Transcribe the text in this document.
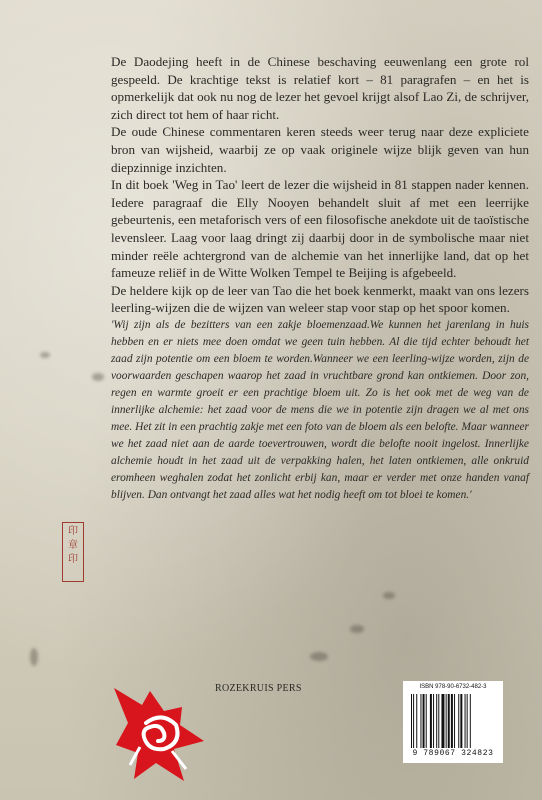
De Daodejing heeft in de Chinese beschaving eeuwenlang een grote rol gespeeld. De krachtige tekst is relatief kort – 81 paragrafen – en het is opmerkelijk dat ook nu nog de lezer het gevoel krijgt alsof Lao Zi, de schrijver, zich direct tot hem of haar richt.

De oude Chinese commentaren keren steeds weer terug naar deze expliciete bron van wijsheid, waarbij ze op vaak originele wijze blijk geven van hun diepzinnige inzichten.

In dit boek 'Weg in Tao' leert de lezer die wijsheid in 81 stappen nader kennen. Iedere paragraaf die Elly Nooyen behandelt sluit af met een leerrijke gebeurtenis, een metaforisch vers of een filosofische anekdote uit de taoïstische levensleer. Laag voor laag dringt zij daarbij door in de symbolische maar niet minder reële achtergrond van de alchemie van het innerlijke land, dat op het fameuze reliëf in de Witte Wolken Tempel te Beijing is afgebeeld.

De heldere kijk op de leer van Tao die het boek kenmerkt, maakt van ons lezers leerling-wijzen die de wijzen van weleer stap voor stap op het spoor komen.

'Wij zijn als de bezitters van een zakje bloemenzaad.We kunnen het jarenlang in huis hebben en er niets mee doen omdat we geen tuin hebben. Al die tijd echter behoudt het zaad zijn potentie om een bloem te worden.Wanneer we een leerling-wijze worden, zijn de voorwaarden geschapen waarop het zaad in vruchtbare grond kan ontkiemen. Door zon, regen en warmte groeit er een prachtige bloem uit. Zo is het ook met de weg van de innerlijke alchemie: het zaad voor de mens die we in potentie zijn dragen we al met ons mee. Het zit in een prachtig zakje met een foto van de bloem als een belofte. Maar wanneer we het zaad niet aan de aarde toevertrouwen, wordt die belofte nooit ingelost. Innerlijke alchemie houdt in het zaad uit de verpakking halen, het laten ontkiemen, alle onkruid eromheen weghalen zodat het zonlicht erbij kan, maar er verder met onze handen vanaf blijven. Dan ontvangt het zaad alles wat het nodig heeft om tot bloei te komen.'

印
章
印
ROZEKRUIS PERS	ISBN 978-90-6732-482-3
9 789067 324823
